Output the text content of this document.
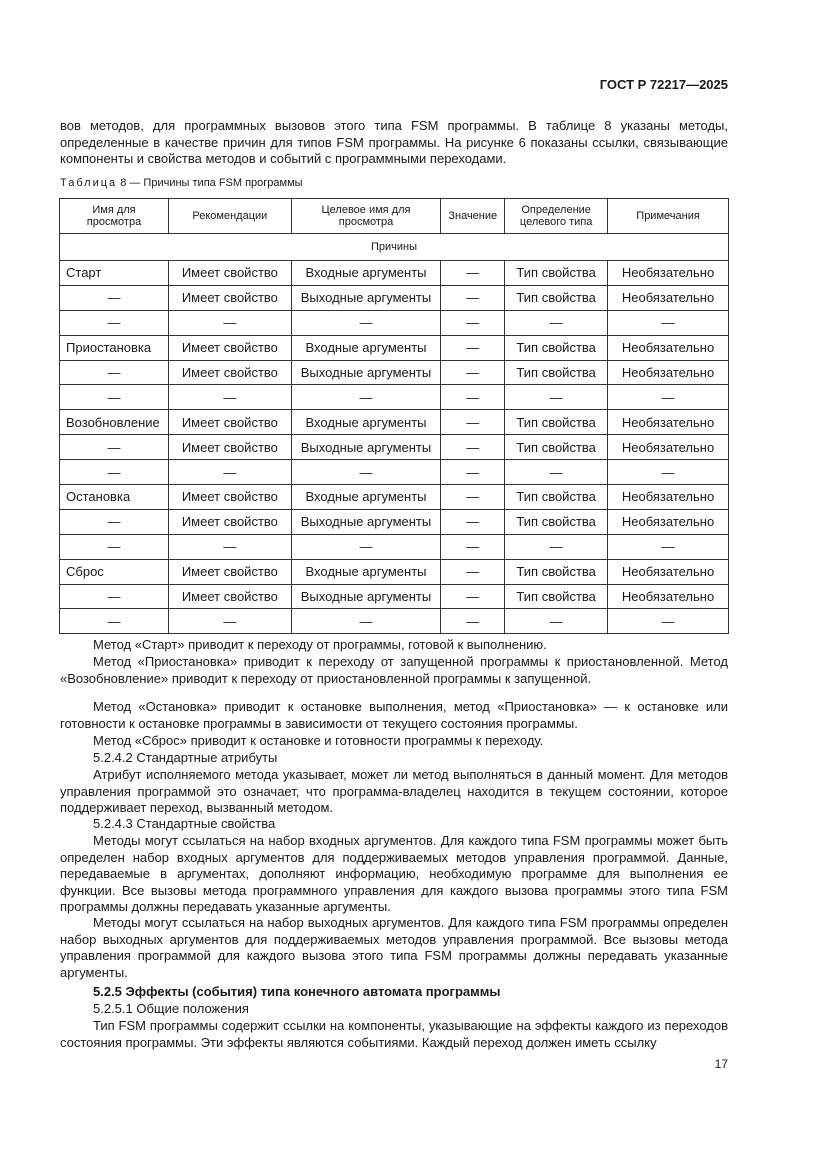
ГОСТ Р 72217—2025

вов методов, для программных вызовов этого типа FSM программы. В таблице 8 указаны методы, определенные в качестве причин для типов FSM программы. На рисунке 6 показаны ссылки, связывающие компоненты и свойства методов и событий с программными переходами.

Таблица 8 — Причины типа FSM программы
Имя для просмотра	Рекомендации	Целевое имя для просмотра	Значение	Определение целевого типа	Примечания
Причины					
Старт	Имеет свойство	Входные аргументы	—	Тип свойства	Необязательно
—	Имеет свойство	Выходные аргументы	—	Тип свойства	Необязательно
—	—	—	—	—	—
Приостановка	Имеет свойство	Входные аргументы	—	Тип свойства	Необязательно
—	Имеет свойство	Выходные аргументы	—	Тип свойства	Необязательно
—	—	—	—	—	—
Возобновление	Имеет свойство	Входные аргументы	—	Тип свойства	Необязательно
—	Имеет свойство	Выходные аргументы	—	Тип свойства	Необязательно
—	—	—	—	—	—
Остановка	Имеет свойство	Входные аргументы	—	Тип свойства	Необязательно
—	Имеет свойство	Выходные аргументы	—	Тип свойства	Необязательно
—	—	—	—	—	—
Сброс	Имеет свойство	Входные аргументы	—	Тип свойства	Необязательно
—	Имеет свойство	Выходные аргументы	—	Тип свойства	Необязательно
—	—	—	—	—	—

Метод «Старт» приводит к переходу от программы, готовой к выполнению.

Метод «Приостановка» приводит к переходу от запущенной программы к приостановленной. Метод «Возобновление» приводит к переходу от приостановленной программы к запущенной.

Метод «Остановка» приводит к остановке выполнения, метод «Приостановка» — к остановке или готовности к остановке программы в зависимости от текущего состояния программы.

Метод «Сброс» приводит к остановке и готовности программы к переходу.

5.2.4.2 Стандартные атрибуты

Атрибут исполняемого метода указывает, может ли метод выполняться в данный момент. Для методов управления программой это означает, что программа-владелец находится в текущем состоянии, которое поддерживает переход, вызванный методом.

5.2.4.3 Стандартные свойства

Методы могут ссылаться на набор входных аргументов. Для каждого типа FSM программы может быть определен набор входных аргументов для поддерживаемых методов управления программой. Данные, передаваемые в аргументах, дополняют информацию, необходимую программе для выполнения ее функции. Все вызовы метода программного управления для каждого вызова программы этого типа FSM программы должны передавать указанные аргументы.

Методы могут ссылаться на набор выходных аргументов. Для каждого типа FSM программы определен набор выходных аргументов для поддерживаемых методов управления программой. Все вызовы метода управления программой для каждого вызова этого типа FSM программы должны передавать указанные аргументы.

5.2.5 Эффекты (события) типа конечного автомата программы

5.2.5.1 Общие положения

Тип FSM программы содержит ссылки на компоненты, указывающие на эффекты каждого из переходов состояния программы. Эти эффекты являются событиями. Каждый переход должен иметь ссылку

17
